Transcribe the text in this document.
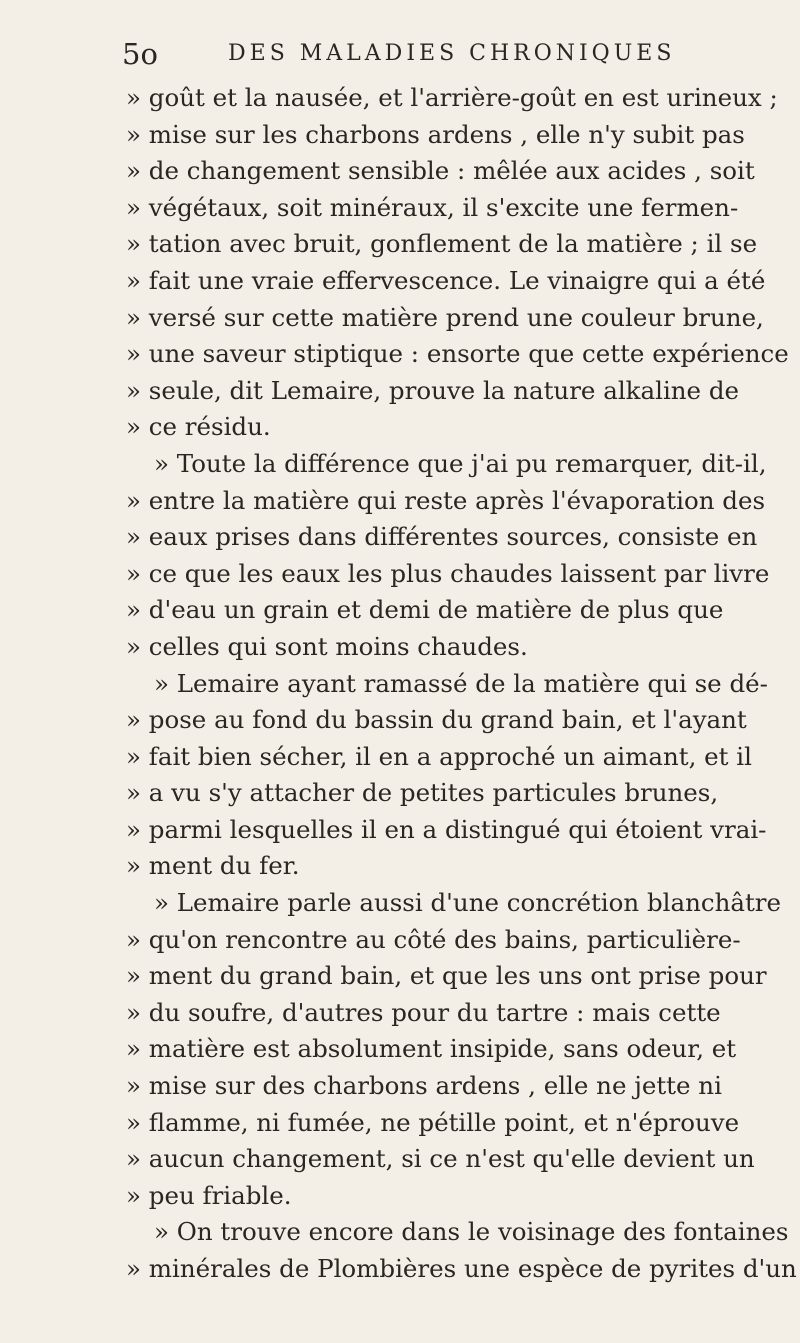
5o	DES MALADIES CHRONIQUES
» goût et la nausée, et l'arrière-goût en est urineux ;
» mise sur les charbons ardens , elle n'y subit pas
» de changement sensible : mêlée aux acides , soit
» végétaux, soit minéraux, il s'excite une fermen-
» tation avec bruit, gonflement de la matière ; il se
» fait une vraie effervescence. Le vinaigre qui a été
» versé sur cette matière prend une couleur brune,
» une saveur stiptique : ensorte que cette expérience
» seule, dit Lemaire, prouve la nature alkaline de
» ce résidu.
» Toute la différence que j'ai pu remarquer, dit-il,
» entre la matière qui reste après l'évaporation des
» eaux prises dans différentes sources, consiste en
» ce que les eaux les plus chaudes laissent par livre
» d'eau un grain et demi de matière de plus que
» celles qui sont moins chaudes.
» Lemaire ayant ramassé de la matière qui se dé-
» pose au fond du bassin du grand bain, et l'ayant
» fait bien sécher, il en a approché un aimant, et il
» a vu s'y attacher de petites particules brunes,
» parmi lesquelles il en a distingué qui étoient vrai-
» ment du fer.
» Lemaire parle aussi d'une concrétion blanchâtre
» qu'on rencontre au côté des bains, particulière-
» ment du grand bain, et que les uns ont prise pour
» du soufre, d'autres pour du tartre : mais cette
» matière est absolument insipide, sans odeur, et
» mise sur des charbons ardens , elle ne jette ni
» flamme, ni fumée, ne pétille point, et n'éprouve
» aucun changement, si ce n'est qu'elle devient un
» peu friable.
» On trouve encore dans le voisinage des fontaines
» minérales de Plombières une espèce de pyrites d'un
